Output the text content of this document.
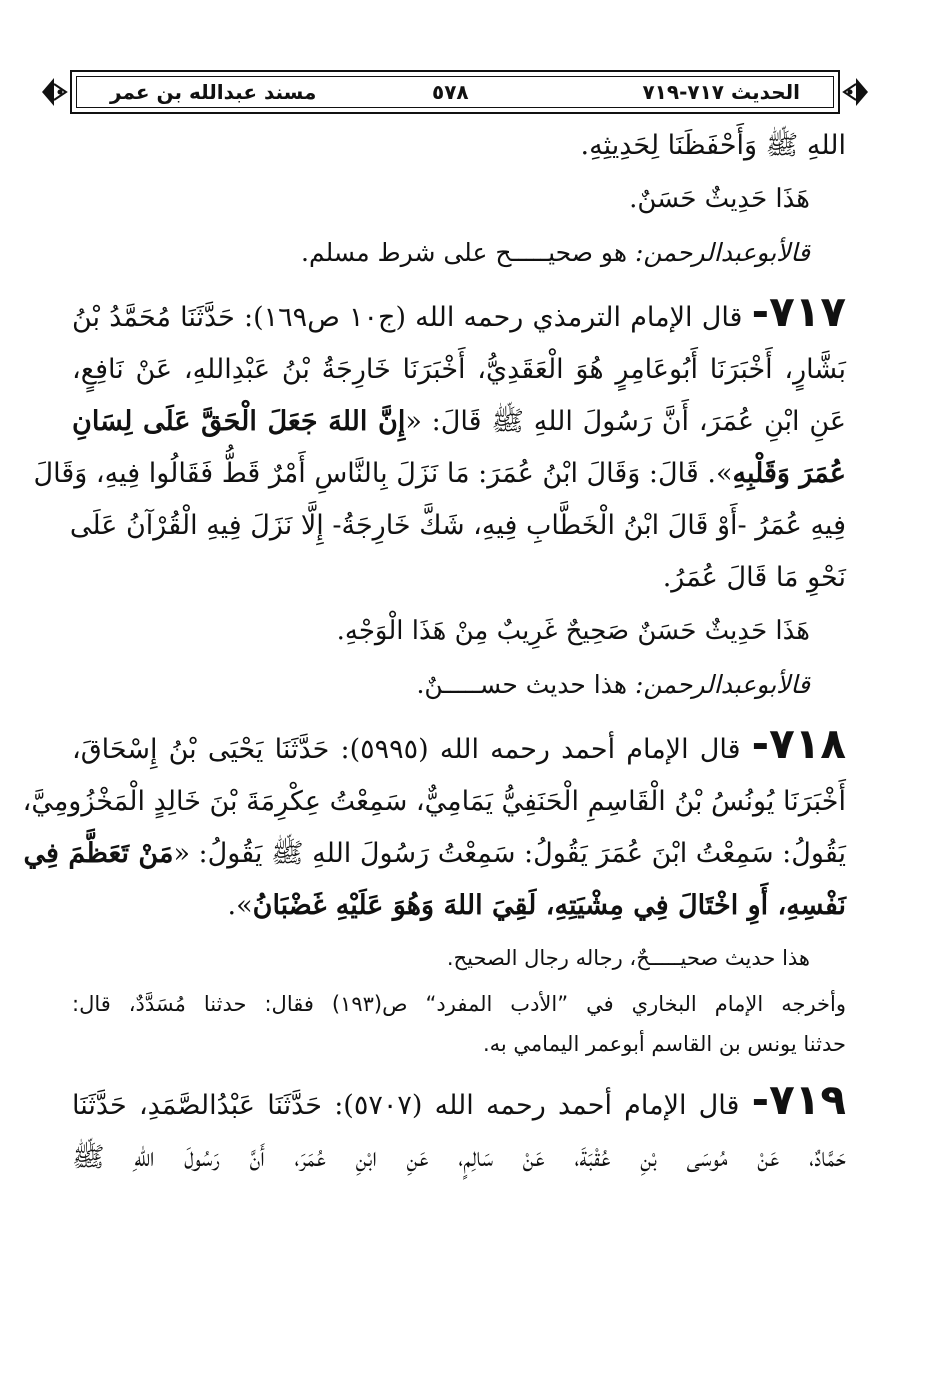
الحديث ٧١٧-٧١٩
٥٧٨
مسند عبدالله بن عمر
اللهِ ﷺ وَأَحْفَظَنَا لِحَدِيثِهِ.
هَذَا حَدِيثٌ حَسَنٌ.
قالأبوعبدالرحمن: هو صحيـــــح على شرط مسلم.
٧١٧- قال الإمام الترمذي رحمه الله (ج١٠ ص١٦٩): حَدَّثَنَا مُحَمَّدُ بْنُ
بَشَّارٍ، أَخْبَرَنَا أَبُوعَامِرٍ هُوَ الْعَقَدِيُّ، أَخْبَرَنَا خَارِجَةُ بْنُ عَبْدِاللهِ، عَنْ نَافِعٍ،
عَنِ ابْنِ عُمَرَ، أَنَّ رَسُولَ اللهِ ﷺ قَالَ: «إِنَّ اللهَ جَعَلَ الْحَقَّ عَلَى لِسَانِ
عُمَرَ وَقَلْبِهِ». قَالَ: وَقَالَ ابْنُ عُمَرَ: مَا نَزَلَ بِالنَّاسِ أَمْرٌ قَطُّ فَقَالُوا فِيهِ، وَقَالَ
فِيهِ عُمَرُ -أَوْ قَالَ ابْنُ الْخَطَّابِ فِيهِ، شَكَّ خَارِجَةُ- إِلَّا نَزَلَ فِيهِ الْقُرْآنُ عَلَى
نَحْوِ مَا قَالَ عُمَرُ.
هَذَا حَدِيثٌ حَسَنٌ صَحِيحٌ غَرِيبٌ مِنْ هَذَا الْوَجْهِ.
قالأبوعبدالرحمن: هذا حديث حســـــنٌ.
٧١٨- قال الإمام أحمد رحمه الله (٥٩٩٥): حَدَّثَنَا يَحْيَى بْنُ إِسْحَاقَ،
أَخْبَرَنَا يُونُسُ بْنُ الْقَاسِمِ الْحَنَفِيُّ يَمَامِيٌّ، سَمِعْتُ عِكْرِمَةَ بْنَ خَالِدٍ الْمَخْزُومِيَّ،
يَقُولُ: سَمِعْتُ ابْنَ عُمَرَ يَقُولُ: سَمِعْتُ رَسُولَ اللهِ ﷺ يَقُولُ: «مَنْ تَعَظَّمَ فِي
نَفْسِهِ، أَوِ اخْتَالَ فِي مِشْيَتِهِ، لَقِيَ اللهَ وَهُوَ عَلَيْهِ غَضْبَانُ».
هذا حديث صحيـــــحٌ، رجاله رجال الصحيح.
وأخرجه الإمام البخاري في ”الأدب المفرد“ ص(١٩٣) فقال: حدثنا مُسَدَّدٌ، قال:
حدثنا يونس بن القاسم أبوعمر اليمامي به.
٧١٩- قال الإمام أحمد رحمه الله (٥٧٠٧): حَدَّثَنَا عَبْدُالصَّمَدِ، حَدَّثَنَا
حَمَّادٌ، عَنْ مُوسَى بْنِ عُقْبَةَ، عَنْ سَالِمٍ، عَنِ ابْنِ عُمَرَ، أَنَّ رَسُولَ اللهِ ﷺ
